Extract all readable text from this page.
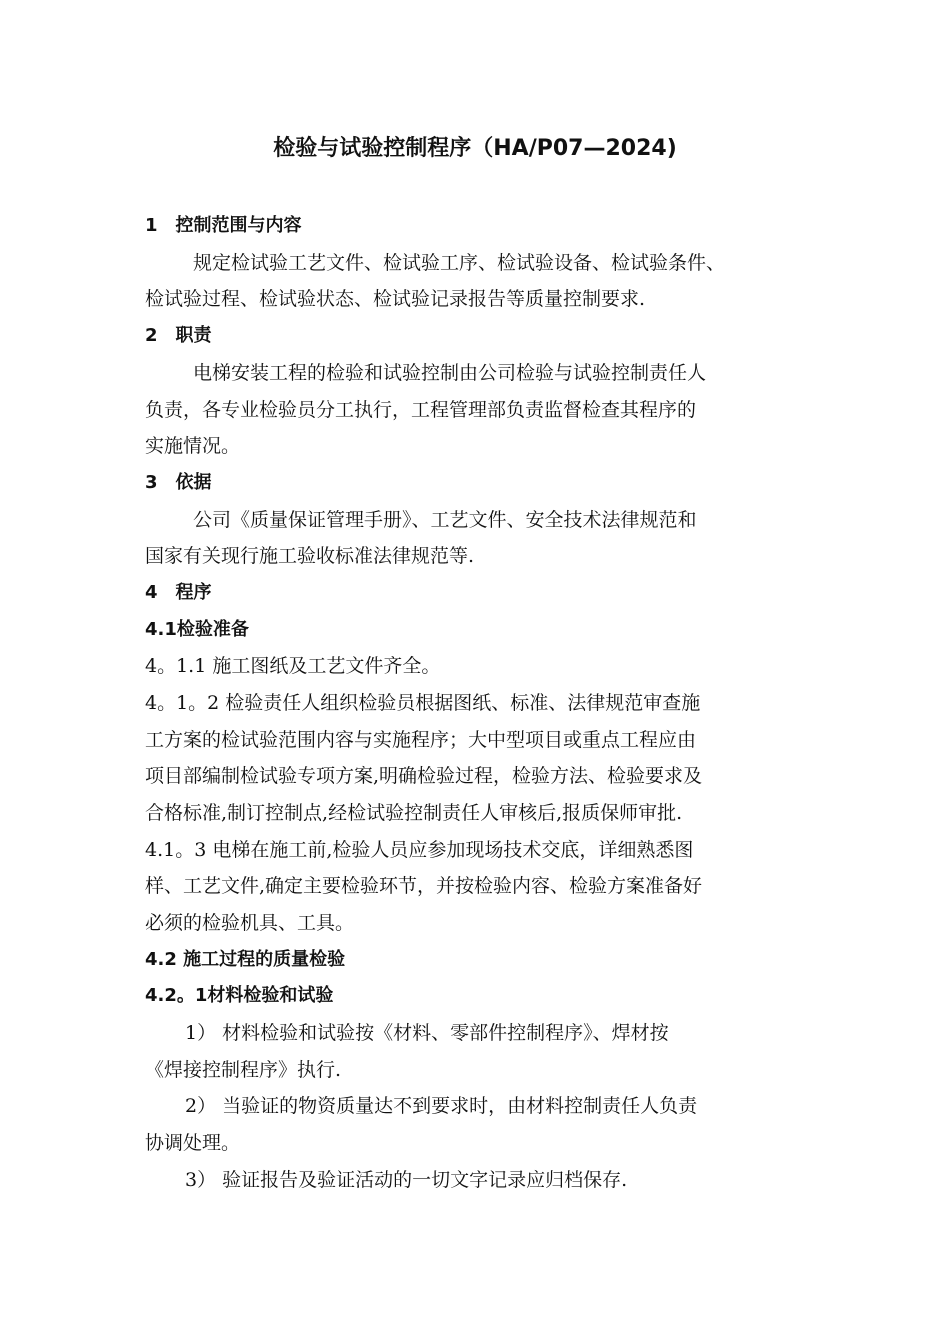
检验与试验控制程序（HA/P07—2024)
1　控制范围与内容
规定检试验工艺文件、检试验工序、检试验设备、检试验条件、
检试验过程、检试验状态、检试验记录报告等质量控制要求.
2　职责
电梯安装工程的检验和试验控制由公司检验与试验控制责任人
负责，各专业检验员分工执行，工程管理部负责监督检查其程序的
实施情况。
3　依据
公司《质量保证管理手册》、工艺文件、安全技术法律规范和
国家有关现行施工验收标准法律规范等.
4　程序
4.1检验准备
4。1.1 施工图纸及工艺文件齐全。
4。1。2 检验责任人组织检验员根据图纸、标准、法律规范审查施
工方案的检试验范围内容与实施程序；大中型项目或重点工程应由
项目部编制检试验专项方案,明确检验过程，检验方法、检验要求及
合格标准,制订控制点,经检试验控制责任人审核后,报质保师审批.
4.1。3 电梯在施工前,检验人员应参加现场技术交底，详细熟悉图
样、工艺文件,确定主要检验环节，并按检验内容、检验方案准备好
必须的检验机具、工具。
4.2 施工过程的质量检验
4.2。1材料检验和试验
1） 材料检验和试验按《材料、零部件控制程序》、焊材按
《焊接控制程序》执行.
2） 当验证的物资质量达不到要求时，由材料控制责任人负责
协调处理。
3） 验证报告及验证活动的一切文字记录应归档保存.
